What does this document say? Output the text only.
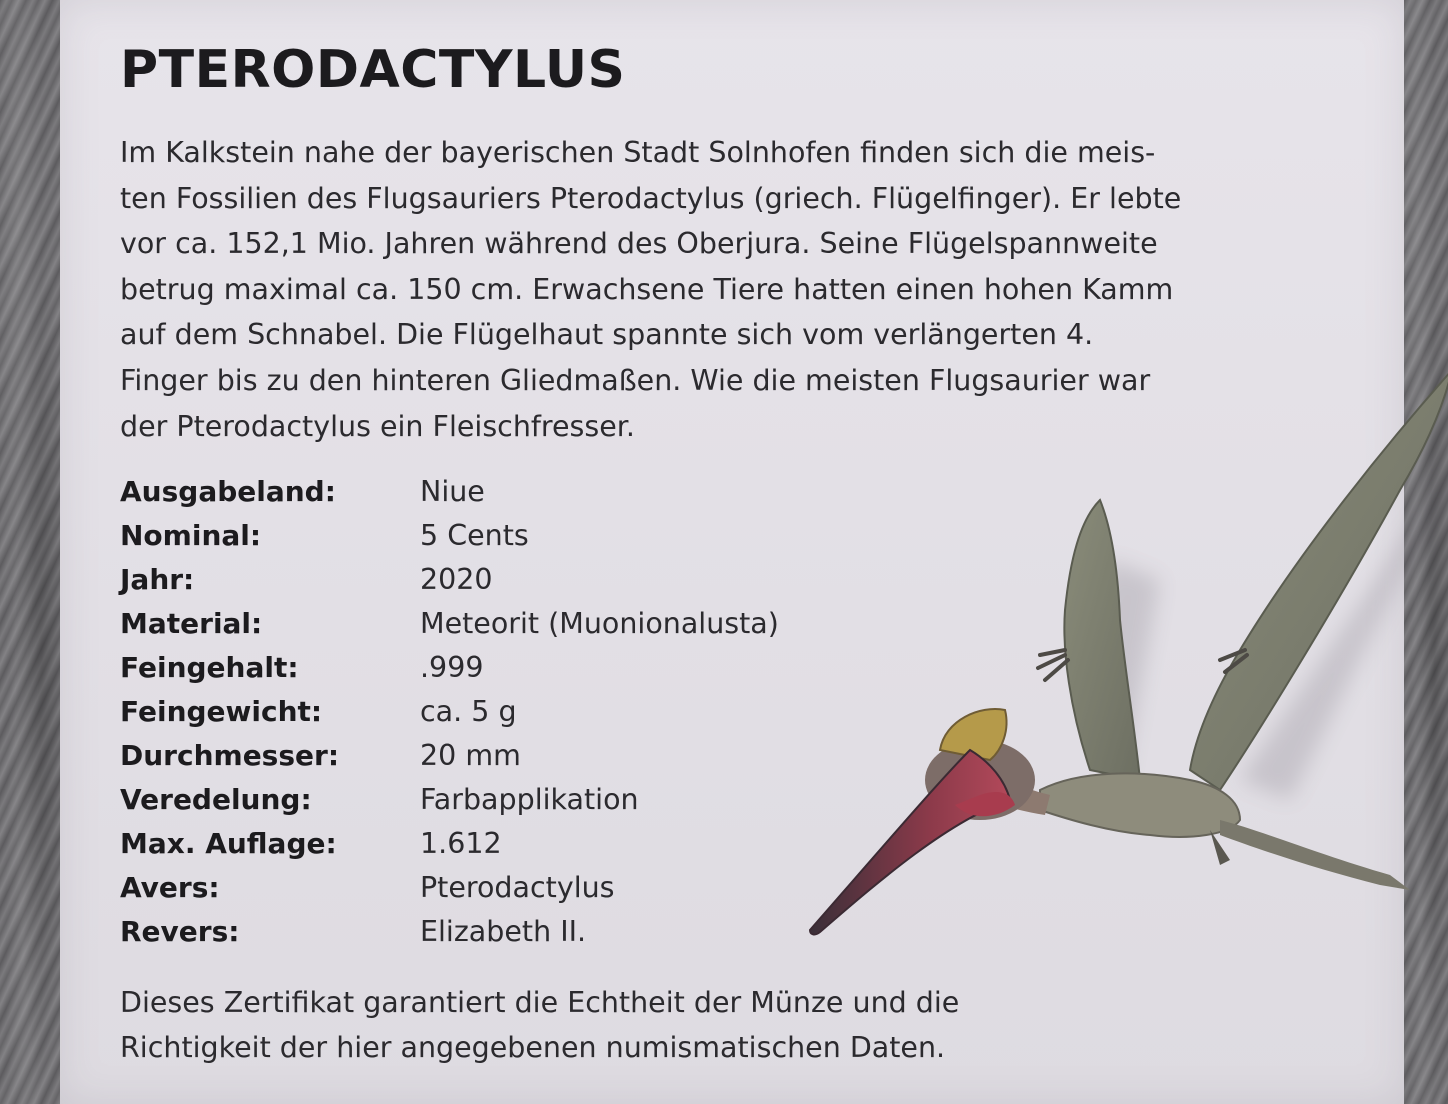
PTERODACTYLUS
Im Kalkstein nahe der bayerischen Stadt Solnhofen finden sich die meis-
ten Fossilien des Flugsauriers Pterodactylus (griech. Flügelfinger). Er lebte
vor ca. 152,1 Mio. Jahren während des Oberjura. Seine Flügelspannweite
betrug maximal ca. 150 cm. Erwachsene Tiere hatten einen hohen Kamm
auf dem Schnabel. Die Flügelhaut spannte sich vom verlängerten 4.
Finger bis zu den hinteren Gliedmaßen. Wie die meisten Flugsaurier war
der Pterodactylus ein Fleischfresser.
Ausgabeland:	Niue
Nominal:	5 Cents
Jahr:	2020
Material:	Meteorit (Muonionalusta)
Feingehalt:	.999
Feingewicht:	ca. 5 g
Durchmesser:	20 mm
Veredelung:	Farbapplikation
Max. Auflage:	1.612
Avers:	Pterodactylus
Revers:	Elizabeth II.
Dieses Zertifikat garantiert die Echtheit der Münze und die
Richtigkeit der hier angegebenen numismatischen Daten.
